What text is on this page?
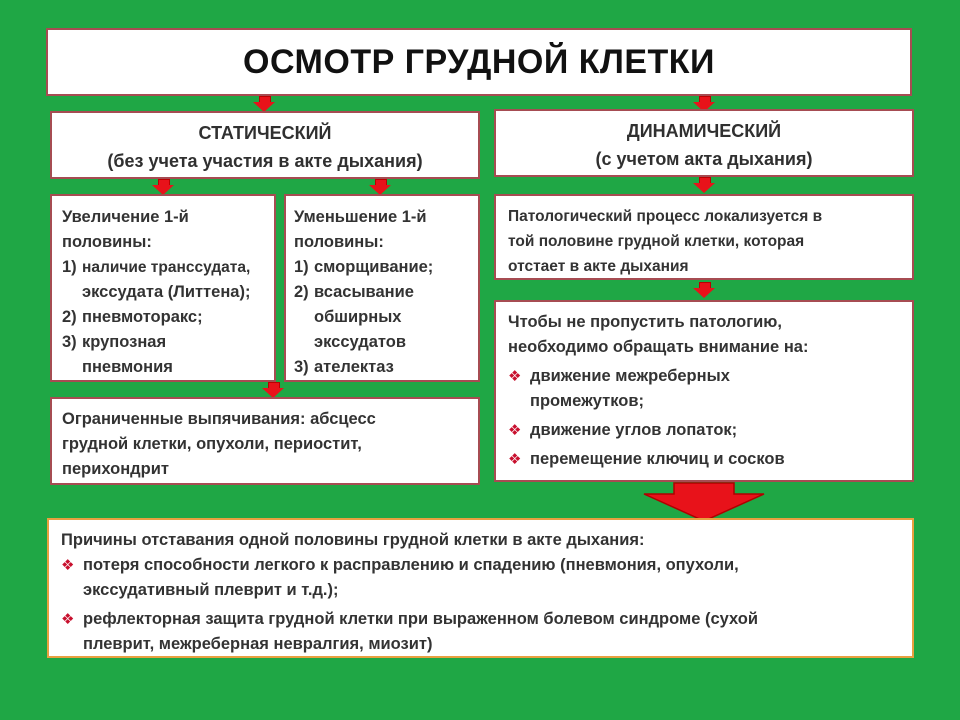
ОСМОТР ГРУДНОЙ КЛЕТКИ
СТАТИЧЕСКИЙ
(без учета участия в акте дыхания)
ДИНАМИЧЕСКИЙ
(с учетом акта дыхания)
Увеличение 1-й
половины:
1) наличие транссудата,
экссудата (Литтена);
2) пневмоторакс;
3) крупозная
пневмония
Уменьшение 1-й
половины:
1) сморщивание;
2) всасывание
обширных
экссудатов
3) ателектаз
Ограниченные выпячивания: абсцесс
грудной клетки, опухоли, периостит,
перихондрит
Патологический процесс локализуется в
той половине грудной клетки, которая
отстает в акте дыхания
Чтобы не пропустить патологию,
необходимо обращать внимание на:
❖ движение межреберных
промежутков;
❖ движение углов лопаток;
❖ перемещение ключиц и сосков
Причины отставания одной половины грудной клетки в акте дыхания:
❖ потеря способности легкого к расправлению и спадению (пневмония, опухоли,
экссудативный плеврит и т.д.);
❖ рефлекторная защита грудной клетки при выраженном болевом синдроме (сухой
плеврит, межреберная невралгия, миозит)
